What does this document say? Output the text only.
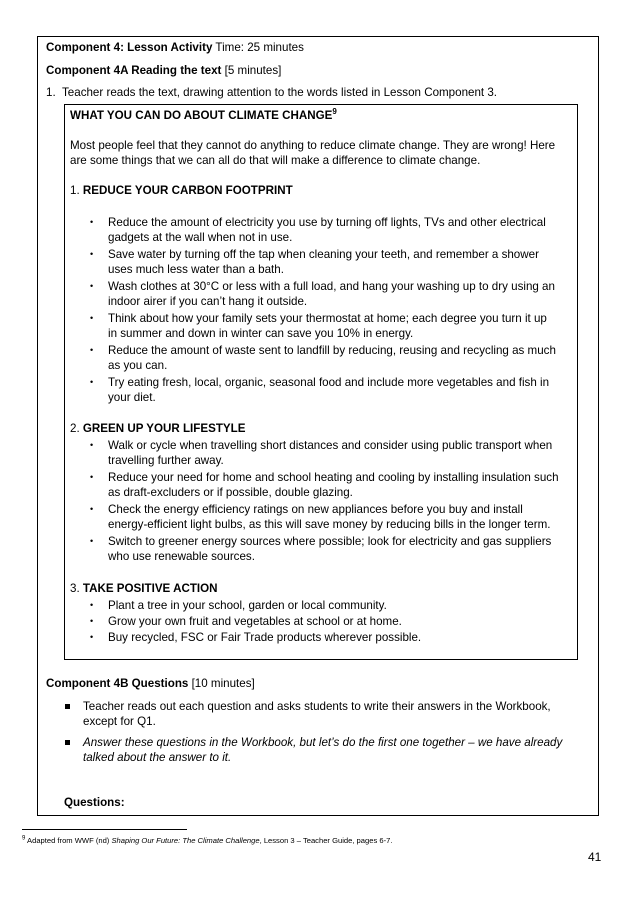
Component 4: Lesson Activity Time: 25 minutes
Component 4A Reading the text [5 minutes]
1. Teacher reads the text, drawing attention to the words listed in Lesson Component 3.
WHAT YOU CAN DO ABOUT CLIMATE CHANGE$^9$
Most people feel that they cannot do anything to reduce climate change. They are wrong! Here
are some things that we can all do that will make a difference to climate change.
1. REDUCE YOUR CARBON FOOTPRINT
• Reduce the amount of electricity you use by turning off lights, TVs and other electrical
gadgets at the wall when not in use.
• Save water by turning off the tap when cleaning your teeth, and remember a shower
uses much less water than a bath.
• Wash clothes at 30°C or less with a full load, and hang your washing up to dry using an
indoor airer if you can’t hang it outside.
• Think about how your family sets your thermostat at home; each degree you turn it up
in summer and down in winter can save you 10% in energy.
• Reduce the amount of waste sent to landfill by reducing, reusing and recycling as much
as you can.
• Try eating fresh, local, organic, seasonal food and include more vegetables and fish in
your diet.
2. GREEN UP YOUR LIFESTYLE
• Walk or cycle when travelling short distances and consider using public transport when
travelling further away.
• Reduce your need for home and school heating and cooling by installing insulation such
as draft-excluders or if possible, double glazing.
• Check the energy efficiency ratings on new appliances before you buy and install
energy-efficient light bulbs, as this will save money by reducing bills in the longer term.
• Switch to greener energy sources where possible; look for electricity and gas suppliers
who use renewable sources.
3. TAKE POSITIVE ACTION
• Plant a tree in your school, garden or local community.
• Grow your own fruit and vegetables at school or at home.
• Buy recycled, FSC or Fair Trade products wherever possible.
Component 4B Questions [10 minutes]
Teacher reads out each question and asks students to write their answers in the Workbook,
except for Q1.
Answer these questions in the Workbook, but let’s do the first one together – we have already
talked about the answer to it.
Questions:
$^9$ Adapted from WWF (nd) Shaping Our Future: The Climate Challenge, Lesson 3 – Teacher Guide, pages 6-7.
41
